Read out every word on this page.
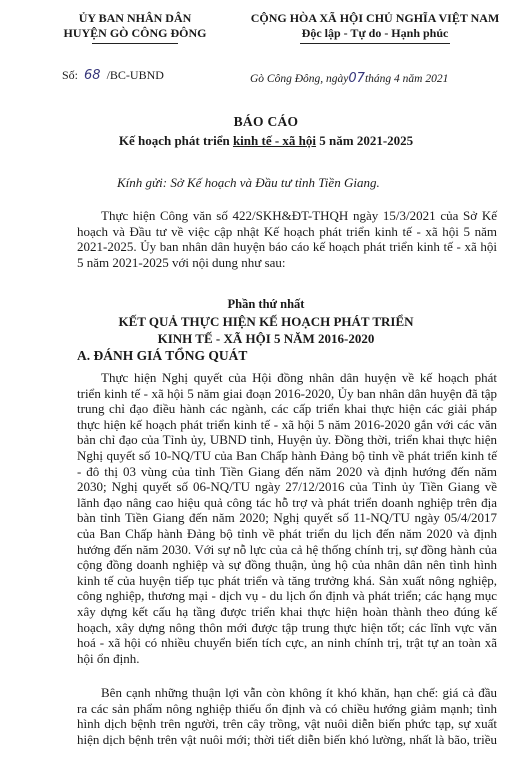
ỦY BAN NHÂN DÂN
HUYỆN GÒ CÔNG ĐÔNG
CỘNG HÒA XÃ HỘI CHỦ NGHĨA VIỆT NAM
Độc lập - Tự do - Hạnh phúc
Số: 68 /BC-UBND	Gò Công Đông, ngày07tháng 4 năm 2021
BÁO CÁO
Kế hoạch phát triển kinh tế - xã hội 5 năm 2021-2025
Kính gửi: Sở Kế hoạch và Đầu tư tỉnh Tiền Giang.
Thực hiện Công văn số 422/SKH&ĐT-THQH ngày 15/3/2021 của Sở Kế
hoạch và Đầu tư về việc cập nhật Kế hoạch phát triển kinh tế - xã hội 5 năm
2021-2025. Ủy ban nhân dân huyện báo cáo kế hoạch phát triển kinh tế - xã hội
5 năm 2021-2025 với nội dung như sau:
Phần thứ nhất
KẾT QUẢ THỰC HIỆN KẾ HOẠCH PHÁT TRIỂN
KINH TẾ - XÃ HỘI 5 NĂM 2016-2020
A. ĐÁNH GIÁ TỔNG QUÁT
Thực hiện Nghị quyết của Hội đồng nhân dân huyện về kế hoạch phát
triển kinh tế - xã hội 5 năm giai đoạn 2016-2020, Ủy ban nhân dân huyện đã tập
trung chỉ đạo điều hành các ngành, các cấp triển khai thực hiện các giải pháp
thực hiện kế hoạch phát triển kinh tế - xã hội 5 năm 2016-2020 gắn với các văn
bản chỉ đạo của Tỉnh ủy, UBND tỉnh, Huyện ủy. Đồng thời, triển khai thực hiện
Nghị quyết số 10-NQ/TU của Ban Chấp hành Đảng bộ tỉnh về phát triển kinh tế
- đô thị 03 vùng của tỉnh Tiền Giang đến năm 2020 và định hướng đến năm
2030; Nghị quyết số 06-NQ/TU ngày 27/12/2016 của Tỉnh ủy Tiền Giang về
lãnh đạo nâng cao hiệu quả công tác hỗ trợ và phát triển doanh nghiệp trên địa
bàn tỉnh Tiền Giang đến năm 2020; Nghị quyết số 11-NQ/TU ngày 05/4/2017
của Ban Chấp hành Đảng bộ tỉnh về phát triển du lịch đến năm 2020 và định
hướng đến năm 2030. Với sự nỗ lực của cả hệ thống chính trị, sự đồng hành của
cộng đồng doanh nghiệp và sự đồng thuận, ủng hộ của nhân dân nên tình hình
kinh tế của huyện tiếp tục phát triển và tăng trưởng khá. Sản xuất nông nghiệp,
công nghiệp, thương mại - dịch vụ - du lịch ổn định và phát triển; các hạng mục
xây dựng kết cấu hạ tầng được triển khai thực hiện hoàn thành theo đúng kế
hoạch, xây dựng nông thôn mới được tập trung thực hiện tốt; các lĩnh vực văn
hoá - xã hội có nhiều chuyển biến tích cực, an ninh chính trị, trật tự an toàn xã
hội ổn định.
Bên cạnh những thuận lợi vẫn còn không ít khó khăn, hạn chế: giá cả đầu
ra các sản phẩm nông nghiệp thiếu ổn định và có chiều hướng giảm mạnh; tình
hình dịch bệnh trên người, trên cây trồng, vật nuôi diễn biến phức tạp, sự xuất
hiện dịch bệnh trên vật nuôi mới; thời tiết diễn biến khó lường, nhất là bão, triều
